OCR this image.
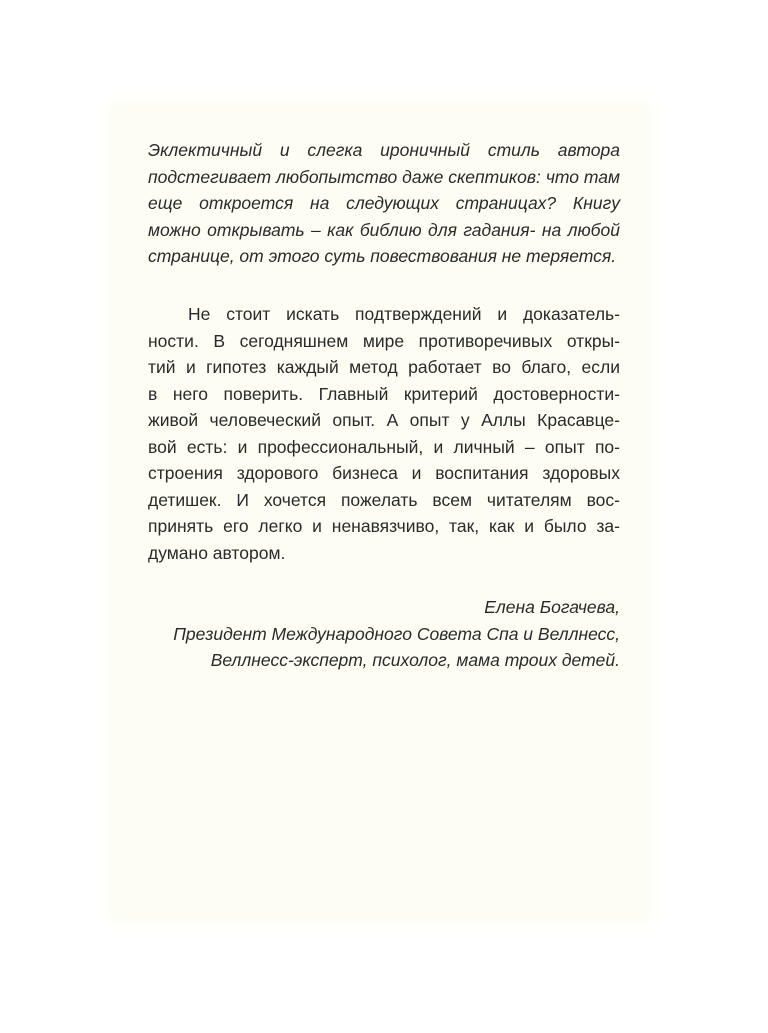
Эклектичный и слегка ироничный стиль автора
подстегивает любопытство даже скептиков: что там
еще откроется на следующих страницах? Книгу
можно открывать – как библию для гадания- на любой
странице, от этого суть повествования не теряется.
Не стоит искать подтверждений и доказатель-
ности. В сегодняшнем мире противоречивых откры-
тий и гипотез каждый метод работает во благо, если
в него поверить. Главный критерий достоверности-
живой человеческий опыт. А опыт у Аллы Красавце-
вой есть: и профессиональный, и личный – опыт по-
строения здорового бизнеса и воспитания здоровых
детишек. И хочется пожелать всем читателям вос-
принять его легко и ненавязчиво, так, как и было за-
думано автором.
Елена Богачева,
Президент Международного Совета Спа и Веллнесс,
Веллнесс-эксперт, психолог, мама троих детей.
